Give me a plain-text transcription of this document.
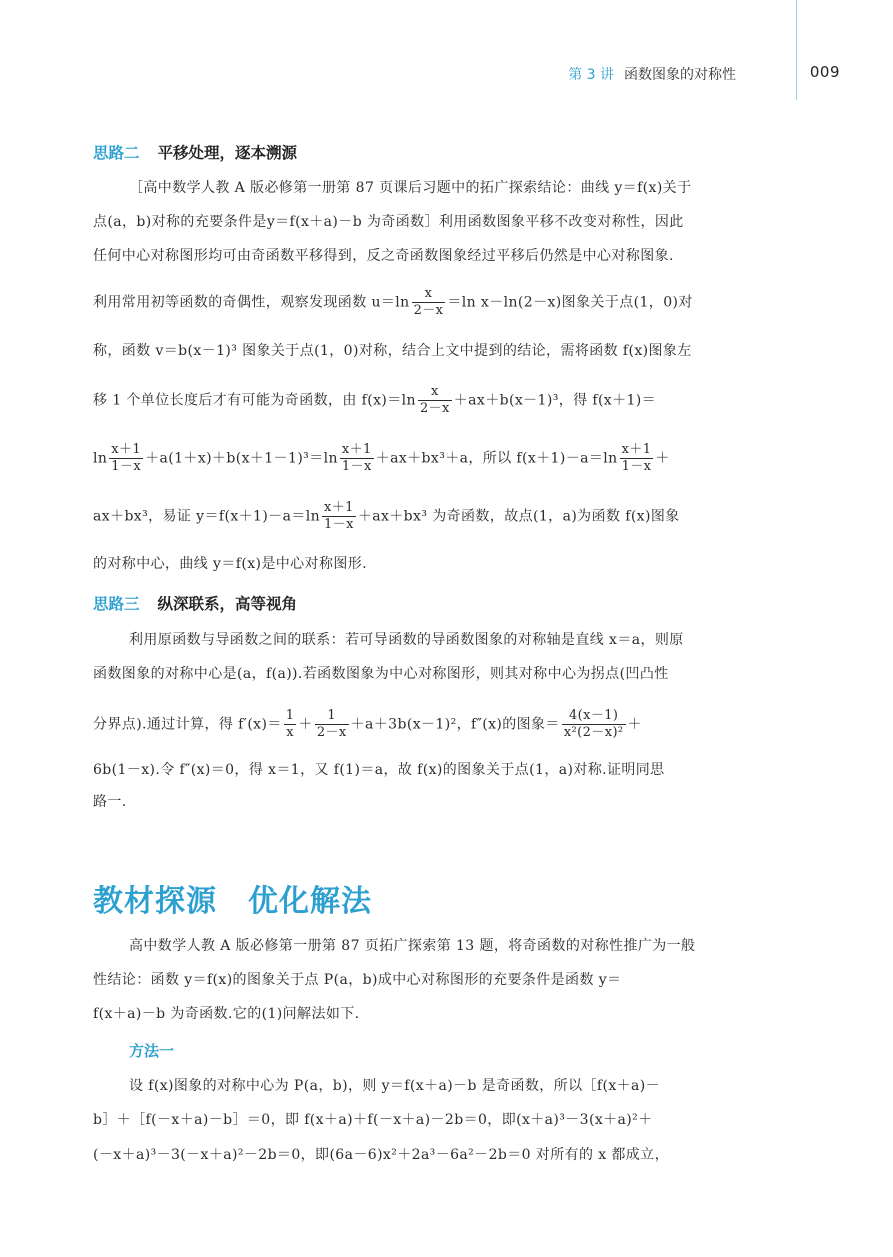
第 3 讲 函数图象的对称性	009
思路二 平移处理，逐本溯源
［高中数学人教 A 版必修第一册第 87 页课后习题中的拓广探索结论：曲线 y＝f(x)关于
点(a，b)对称的充要条件是y＝f(x＋a)－b 为奇函数］利用函数图象平移不改变对称性，因此
任何中心对称图形均可由奇函数平移得到，反之奇函数图象经过平移后仍然是中心对称图象.
利用常用初等函数的奇偶性，观察发现函数 $u=\ln \frac{x}{2-x} =\ln$ x－ln(2－x)图象关于点(1，0)对
称，函数 v＝b(x－1)³ 图象关于点(1，0)对称，结合上文中提到的结论，需将函数 f(x)图象左
移 1 个单位长度后才有可能为奇函数，由 $f(x)=\ln \frac{x}{2-x} +ax+b(x-1)^3$，得 f(x＋1)＝
$\ln \frac{x+1}{1-x} +a(1+x)+b(x+1-1)^3=\ln \frac{x+1}{1-x} +ax+bx^3+a$，所以 $f(x+1)-a=\ln \frac{x+1}{1-x}$ ＋
ax＋bx³，易证 $y=f(x+1)-a=\ln \frac{x+1}{1-x} +ax+bx^3$ 为奇函数，故点(1，a)为函数 f(x)图象
的对称中心，曲线 y＝f(x)是中心对称图形.
思路三 纵深联系，高等视角
利用原函数与导函数之间的联系：若可导函数的导函数图象的对称轴是直线 x＝a，则原
函数图象的对称中心是(a，f(a)).若函数图象为中心对称图形，则其对称中心为拐点(凹凸性
分界点).通过计算，得 $f'(x)= \frac{1}{x} + \frac{1}{2-x} +a+3b(x-1)^2$，f″(x)的图象＝ $\frac{4(x-1)}{\text{x²(2－x)²}}$ ＋
6b(1－x).令 f″(x)＝0，得 x＝1，又 f(1)＝a，故 f(x)的图象关于点(1，a)对称.证明同思
路一.
教材探源　优化解法
高中数学人教 A 版必修第一册第 87 页拓广探索第 13 题，将奇函数的对称性推广为一般
性结论：函数 y＝f(x)的图象关于点 P(a，b)成中心对称图形的充要条件是函数 y＝
f(x＋a)－b 为奇函数.它的(1)问解法如下.
方法一
设 f(x)图象的对称中心为 P(a，b)，则 y＝f(x＋a)－b 是奇函数，所以［f(x＋a)－
b］＋［f(－x＋a)－b］＝0，即 f(x＋a)＋f(－x＋a)－2b＝0，即(x＋a)³－3(x＋a)²＋
(－x＋a)³－3(－x＋a)²－2b＝0，即(6a－6)x²＋2a³－6a²－2b＝0 对所有的 x 都成立，
